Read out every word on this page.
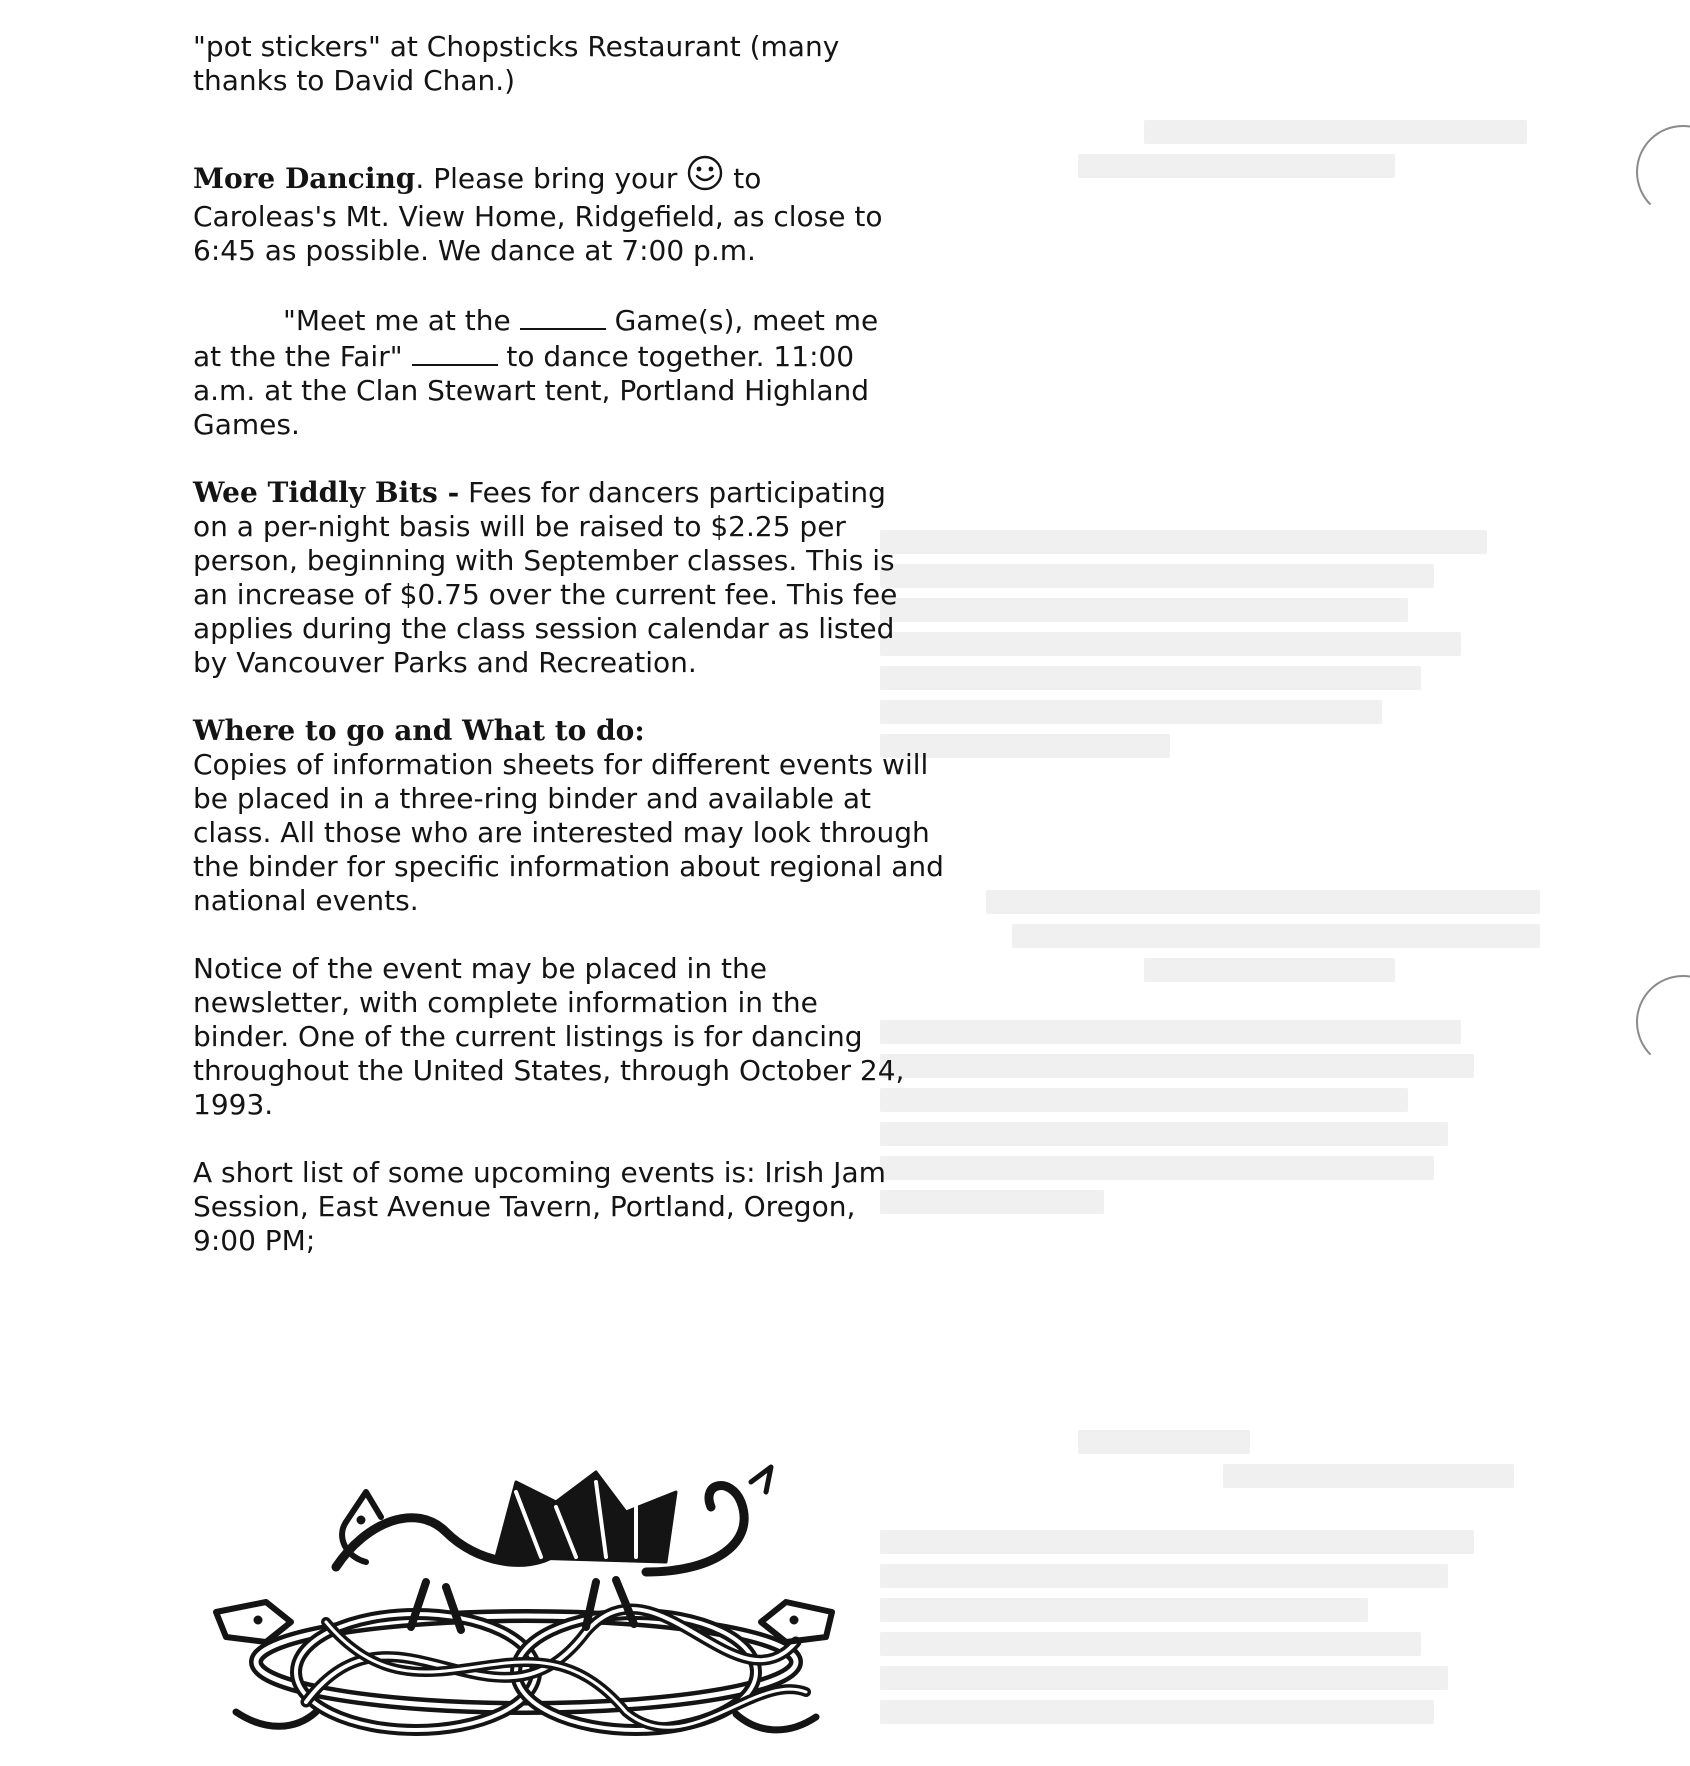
"pot stickers" at Chopsticks Restaurant (many thanks to David Chan.)

More Dancing. Please bring your to Caroleas's Mt. View Home, Ridgefield, as close to 6:45 as possible. We dance at 7:00 p.m.

"Meet me at the	Game(s), meet me at the the Fair"	to dance together. 11:00 a.m. at the Clan Stewart tent, Portland Highland Games.

Wee Tiddly Bits - Fees for dancers participating on a per-night basis will be raised to $2.25 per person, beginning with September classes. This is an increase of $0.75 over the current fee. This fee applies during the class session calendar as listed by Vancouver Parks and Recreation.

Where to go and What to do:

Copies of information sheets for different events will be placed in a three-ring binder and available at class. All those who are interested may look through the binder for specific information about regional and national events.

Notice of the event may be placed in the newsletter, with complete information in the binder. One of the current listings is for dancing throughout the United States, through October 24, 1993.

A short list of some upcoming events is: Irish Jam Session, East Avenue Tavern, Portland, Oregon, 9:00 PM;
